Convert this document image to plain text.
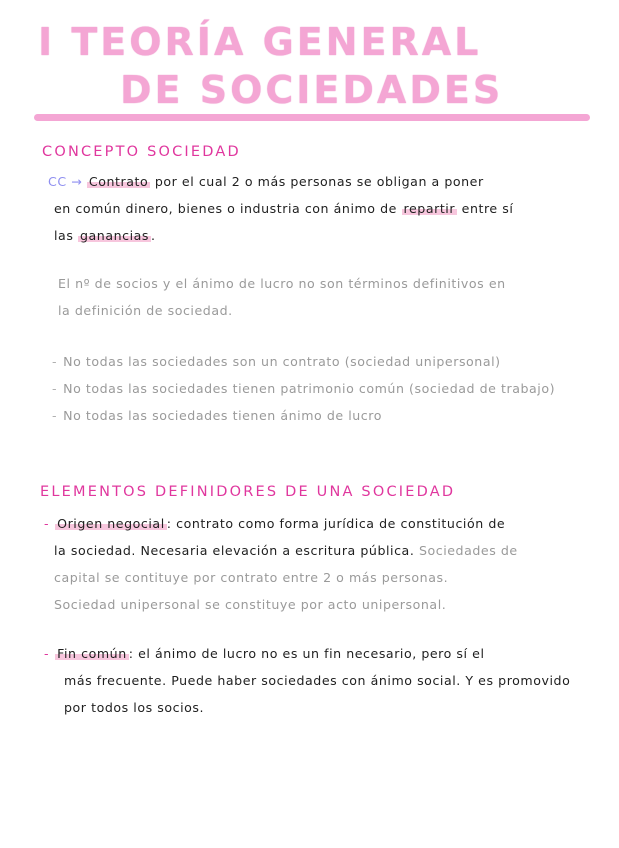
I TEORÍA GENERAL
DE SOCIEDADES
CONCEPTO SOCIEDAD
CC → Contrato por el cual 2 o más personas se obligan a poner
en común dinero, bienes o industria con ánimo de repartir entre sí
las ganancias .
El nº de socios y el ánimo de lucro no son términos definitivos en
la definición de sociedad.
- No todas las sociedades son un contrato (sociedad unipersonal)
- No todas las sociedades tienen patrimonio común (sociedad de trabajo)
- No todas las sociedades tienen ánimo de lucro
ELEMENTOS DEFINIDORES DE UNA SOCIEDAD
- Origen negocial : contrato como forma jurídica de constitución de
la sociedad. Necesaria elevación a escritura pública. Sociedades de
capital se contituye por contrato entre 2 o más personas.
Sociedad unipersonal se constituye por acto unipersonal.
- Fin común : el ánimo de lucro no es un fin necesario, pero sí el
más frecuente. Puede haber sociedades con ánimo social. Y es promovido
por todos los socios.
